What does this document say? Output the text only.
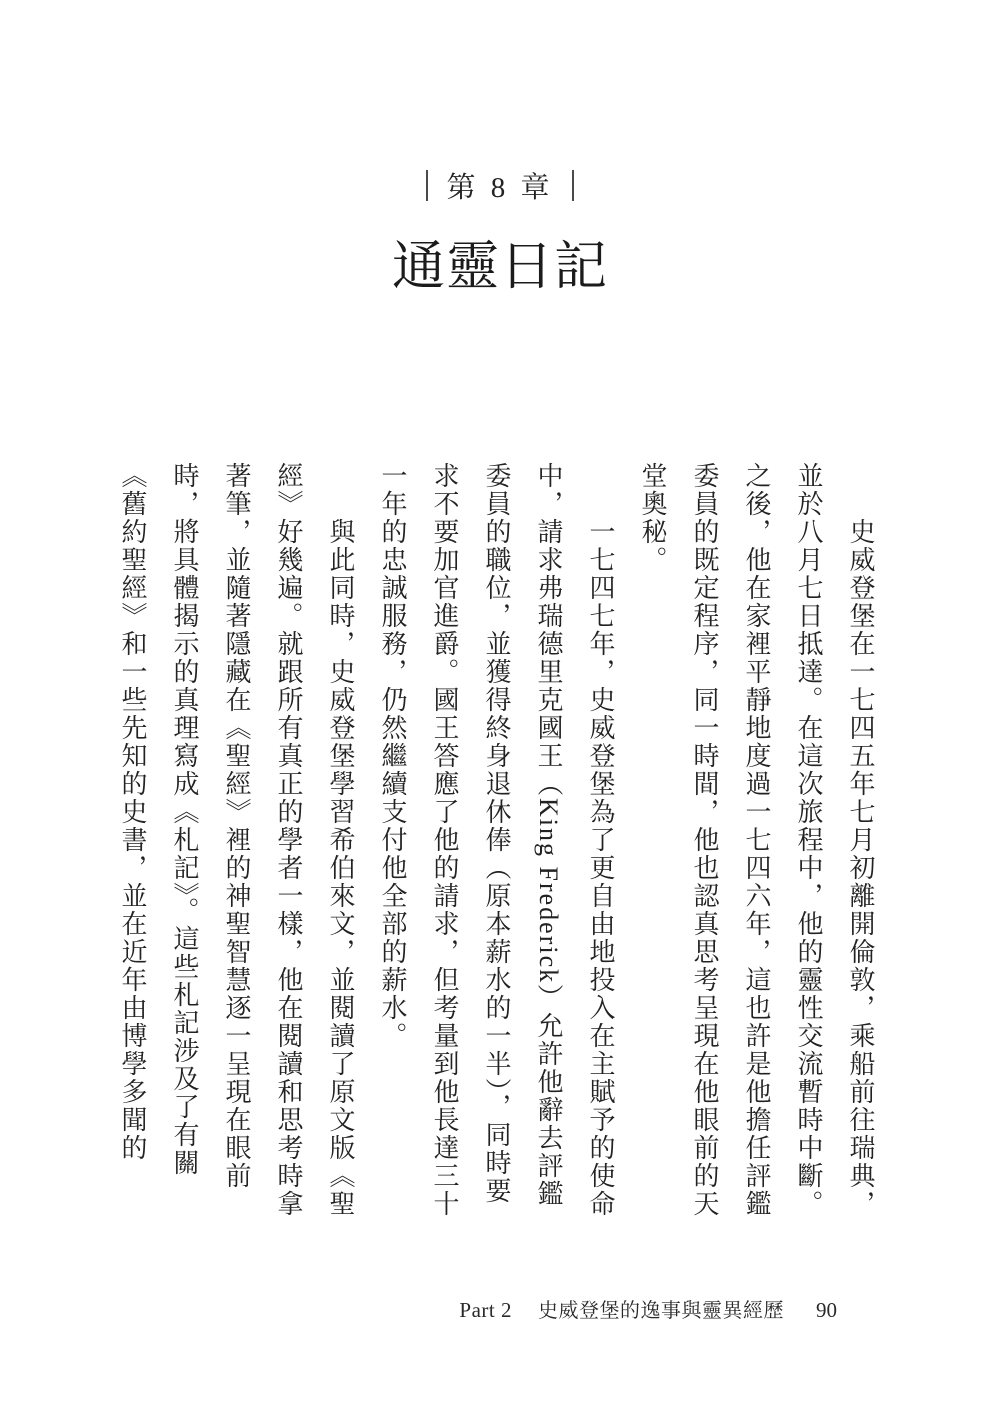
第 8 章
通靈日記

史威登堡在一七四五年七月初離開倫敦，乘船前往瑞典，並於八月七日抵達。在這次旅程中，他的靈性交流暫時中斷。之後，他在家裡平靜地度過一七四六年，這也許是他擔任評鑑委員的既定程序，同一時間，他也認真思考呈現在他眼前的天堂奧秘。

一七四七年，史威登堡為了更自由地投入在主賦予的使命中，請求弗瑞德里克國王（King Frederick）允許他辭去評鑑委員的職位，並獲得終身退休俸（原本薪水的一半），同時要求不要加官進爵。國王答應了他的請求，但考量到他長達三十一年的忠誠服務，仍然繼續支付他全部的薪水。

與此同時，史威登堡學習希伯來文，並閱讀了原文版《聖經》好幾遍。就跟所有真正的學者一樣，他在閱讀和思考時拿著筆，並隨著隱藏在《聖經》裡的神聖智慧逐一呈現在眼前時，將具體揭示的真理寫成《札記》。這些札記涉及了有關《舊約聖經》和一些先知的史書，並在近年由博學多聞的

Part 2 史威登堡的逸事與靈異經歷 90
